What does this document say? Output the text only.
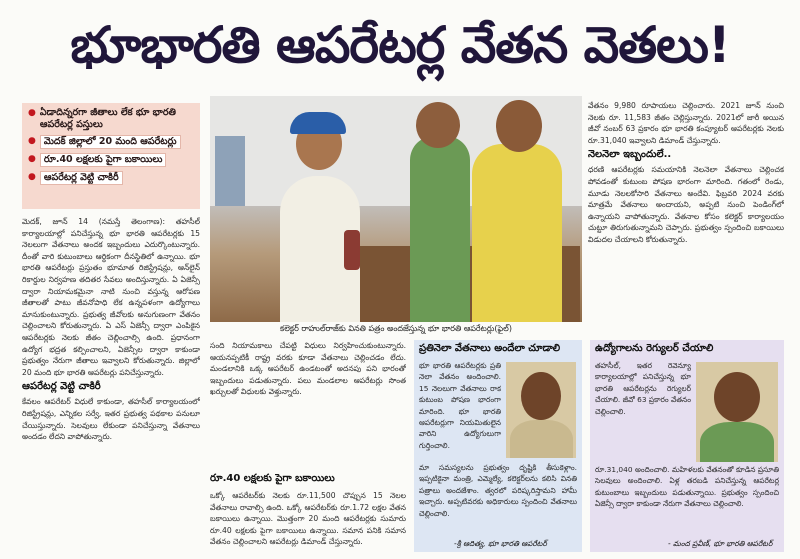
భూభారతి ఆపరేటర్ల వేతన వెతలు!
● ఏడాదిన్నరగా జీతాలు లేక భూ భారతి ఆపరేటర్ల పస్తులు
● మెదక్ జిల్లాలో 20 మంది ఆపరేటర్లు
● రూ.40 లక్షలకు పైగా బకాయిలు
● ఆపరేటర్ల వెట్టి చాకిరీ
కలెక్టర్ రాహుల్‌రాజ్‌కు వినతి పత్రం అందజేస్తున్న భూ భారతి ఆపరేటర్లు(ఫైల్)

మెదక్, జూన్ 14 (నమస్తే తెలంగాణ): తహసీల్ కార్యాలయాల్లో పనిచేస్తున్న భూ భారతి ఆపరేటర్లకు 15 నెలలుగా వేతనాలు అందక ఇబ్బందులు ఎదుర్కొంటున్నారు. దీంతో వారి కుటుంబాలు ఆర్థికంగా దీనస్థితిలో ఉన్నాయి. భూ భారతి ఆపరేటర్లు ప్రస్తుతం భూమాత రిజిస్ట్రేషన్లు, ఆన్‌లైన్ రికార్డుల నిర్వహణ తదితర సేవలు అందిస్తున్నారు. ఏ ఏజెన్సీ ద్వారా నియామకమైనా నాటి నుంచి వస్తున్న ఆరోపణ జీతాలతో పాటు జీవనోపాధి లేక ఉన్నపళంగా ఉద్యోగాలు మానుకుంటున్నారు. ప్రభుత్వ జీవోలకు అనుగుణంగా వేతనం చెల్లించాలని కోరుతున్నారు. ఏ ఎస్ ఏజెన్సీ ద్వారా ఎంపికైన ఆపరేటర్లకు నెలకు జీతం చెల్లించాల్సి ఉంది. ప్రధానంగా ఉద్యోగ భద్రత కల్పించాలని, ఏజెన్సీల ద్వారా కాకుండా ప్రభుత్వం నేరుగా జీతాలు ఇవ్వాలని కోరుతున్నారు. జిల్లాలో 20 మంది భూ భారతి ఆపరేటర్లు పనిచేస్తున్నారు.

ఆపరేటర్ల వెట్టి చాకిరీ

కేవలం ఆపరేటర్ విధులే కాకుండా, తహసీల్ కార్యాలయంలో రిజిస్ట్రేషన్లు, ఎన్నికల సర్వే, ఇతర ప్రభుత్వ పథకాల పనులూ చేయిస్తున్నారు. సెలవులు లేకుండా పనిచేస్తున్నా వేతనాలు అందడం లేదని వాపోతున్నారు.

సంది నియామకాలు చేపట్టి విధులు నిర్వహించుకుంటున్నారు. ఆయనప్పటికీ రాష్ట్ర వరకు కూడా వేతనాలు చెల్లించడం లేదు. మండలానికి ఒక్క ఆపరేటర్ ఉండటంతో అదనపు పని భారంతో ఇబ్బందులు పడుతున్నారు. పలు మండలాల ఆపరేటర్లు సొంత ఖర్చులతో విధులకు వెళ్తున్నారు.

రూ.40 లక్షలకు పైగా బకాయిలు

ఒక్కో ఆపరేటర్‌కు నెలకు రూ.11,500 చొప్పున 15 నెలల వేతనాలు రావాల్సి ఉంది. ఒక్కో ఆపరేటర్‌కు రూ.1.72 లక్షల వేతన బకాయిలు ఉన్నాయి. మొత్తంగా 20 మంది ఆపరేటర్లకు సుమారు రూ.40 లక్షలకు పైగా బకాయిలు ఉన్నాయి. సమాన పనికి సమాన వేతనం చెల్లించాలని ఆపరేటర్లు డిమాండ్ చేస్తున్నారు.

వేతనం 9,980 రూపాయలు చెల్లించారు. 2021 జూన్ నుంచి నెలకు రూ. 11,583 జీతం చెల్లిస్తున్నారు. 2021లో జారీ అయిన జీవో నంబర్ 63 ప్రకారం భూ భారతి కంప్యూటర్ ఆపరేటర్లకు నెలకు రూ.31,040 ఇవ్వాలని డిమాండ్ చేస్తున్నారు.

నెలనెలా ఇబ్బందులే..

ధరణి ఆపరేటర్లకు సమయానికి నెలనెలా వేతనాలు చెల్లించక పోవడంతో కుటుంబ పోషణ భారంగా మారింది. గతంలో రెండు, మూడు నెలలకోసారి వేతనాలు అందేవి. ఫిబ్రవరి 2024 వరకు మాత్రమే వేతనాలు అందాయని, అప్పటి నుంచి పెండింగ్‌లో ఉన్నాయని వాపోతున్నారు. వేతనాల కోసం కలెక్టర్ కార్యాలయం చుట్టూ తిరుగుతున్నామని చెప్పారు. ప్రభుత్వం స్పందించి బకాయిలు విడుదల చేయాలని కోరుతున్నారు.

ప్రతినెలా వేతనాలు అందేలా చూడాలి
భూ భారతి ఆపరేటర్లకు ప్రతి నెలా వేతనం అందించాలి. 15 నెలలుగా వేతనాలు రాక కుటుంబ పోషణ భారంగా మారింది. భూ భారతి ఆపరేటర్లుగా నియమితులైన వారిని ఉద్యోగులుగా గుర్తించాలి.
మా సమస్యలను ప్రభుత్వం దృష్టికి తీసుకెళ్లాం. ఇప్పటికైనా మంత్రి, ఎమ్మెల్యే, కలెక్టర్‌లను కలిసి వినతి పత్రాలు అందజేశాం. త్వరలో పరిష్కరిస్తామని హామీ ఇచ్చారు. అప్పటివరకు అధికారులు స్పందించి వేతనాలు చెల్లించాలి.
-శ్రీ ఆదిత్య, భూ భారతి ఆపరేటర్
ఉద్యోగాలను రెగ్యులర్ చేయాలి
తహసీల్, ఇతర రెవెన్యూ కార్యాలయాల్లో పనిచేస్తున్న భూ భారతి ఆపరేటర్లను రెగ్యులర్ చేయాలి. జీవో 63 ప్రకారం వేతనం చెల్లించాలి.
రూ.31,040 అందించాలి. మహిళలకు వేతనంతో కూడిన ప్రసూతి సెలవులు అందించాలి. ఏళ్ల తరబడి పనిచేస్తున్న ఆపరేటర్ల కుటుంబాలు ఇబ్బందులు పడుతున్నాయి. ప్రభుత్వం స్పందించి ఏజెన్సీ ద్వారా కాకుండా నేరుగా వేతనాలు చెల్లించాలి.
- మంద ప్రవీణ్, భూ భారతి ఆపరేటర్
